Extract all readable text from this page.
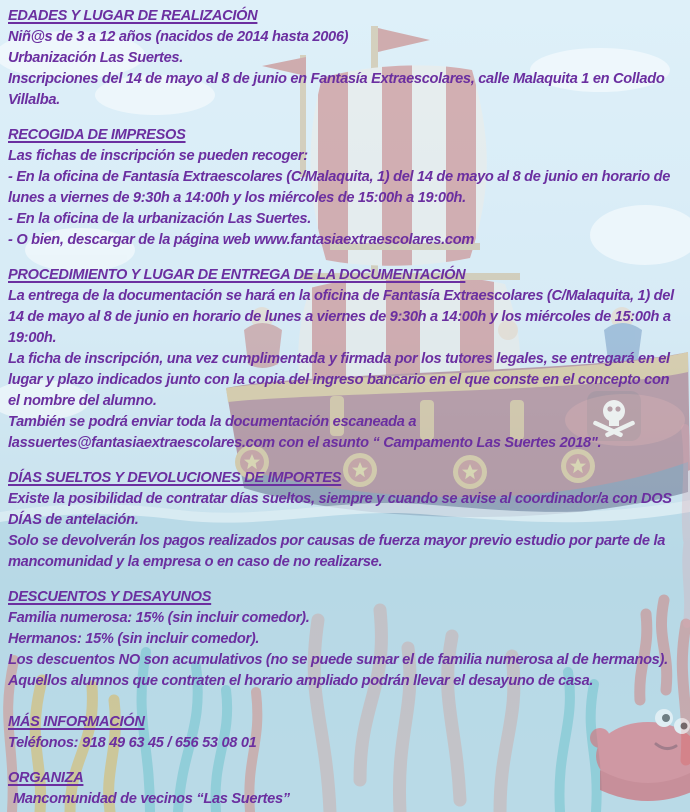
EDADES Y LUGAR DE REALIZACIÓN

Niñ@s de 3 a 12 años (nacidos de 2014 hasta 2006)

Urbanización Las Suertes.

Inscripciones del 14 de mayo al 8 de junio en Fantasía Extraescolares, calle Malaquita 1 en Collado Villalba.

RECOGIDA DE IMPRESOS

Las fichas de inscripción se pueden recoger:

- En la oficina de Fantasía Extraescolares (C/Malaquita, 1) del 14 de mayo al 8 de junio en horario de lunes a viernes de 9:30h a 14:00h y los miércoles de 15:00h a 19:00h.

- En la oficina de la urbanización Las Suertes.

- O bien, descargar de la página web www.fantasiaextraescolares.com

PROCEDIMIENTO Y LUGAR DE ENTREGA DE LA DOCUMENTACIÓN

La entrega de la documentación se hará en la oficina de Fantasía Extraescolares (C/Malaquita, 1) del 14 de mayo al 8 de junio en horario de lunes a viernes de 9:30h a 14:00h y los miércoles de 15:00h a 19:00h.

La ficha de inscripción, una vez cumplimentada y firmada por los tutores legales, se entregará en el lugar y plazo indicados junto con la copia del ingreso bancario en el que conste en el concepto con el nombre del alumno.

También se podrá enviar toda la documentación escaneada a lassuertes@fantasiaextraescolares.com con el asunto “ Campamento Las Suertes 2018".

DÍAS SUELTOS Y DEVOLUCIONES DE IMPORTES

Existe la posibilidad de contratar días sueltos, siempre y cuando se avise al coordinador/a con DOS DÍAS de antelación.

Solo se devolverán los pagos realizados por causas de fuerza mayor previo estudio por parte de la mancomunidad y la empresa o en caso de no realizarse.

DESCUENTOS Y DESAYUNOS

Familia numerosa: 15% (sin incluir comedor).

Hermanos: 15% (sin incluir comedor).

Los descuentos NO son acumulativos (no se puede sumar el de familia numerosa al de hermanos).

Aquellos alumnos que contraten el horario ampliado podrán llevar el desayuno de casa.

MÁS INFORMACIÓN

Teléfonos: 918 49 63 45 / 656 53 08 01

ORGANIZA

Mancomunidad de vecinos “Las Suertes”
